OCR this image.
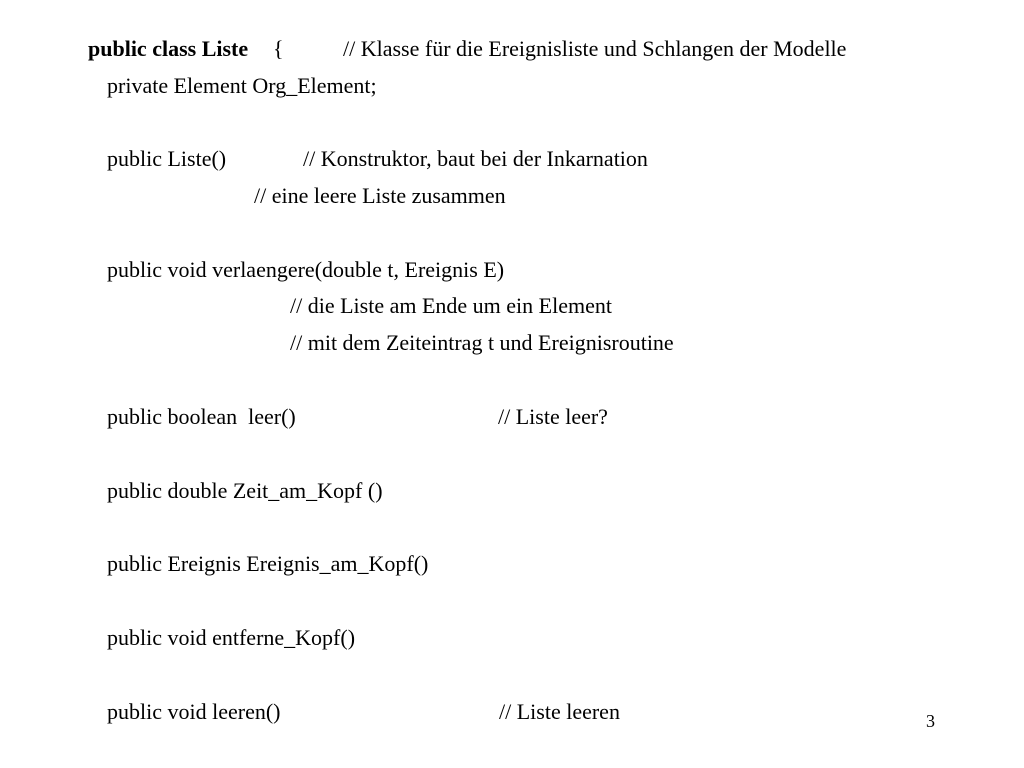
public class Liste {	// Klasse für die Ereignisliste und Schlangen der Modelle
private Element Org_Element;
public Liste()	// Konstruktor, baut bei der Inkarnation
// eine leere Liste zusammen
public void verlaengere(double t, Ereignis E)
// die Liste am Ende um ein Element
// mit dem Zeiteintrag t und Ereignisroutine
public boolean  leer()	// Liste leer?
public double Zeit_am_Kopf ()
public Ereignis Ereignis_am_Kopf()
public void entferne_Kopf()
public void leeren()	// Liste leeren	3
